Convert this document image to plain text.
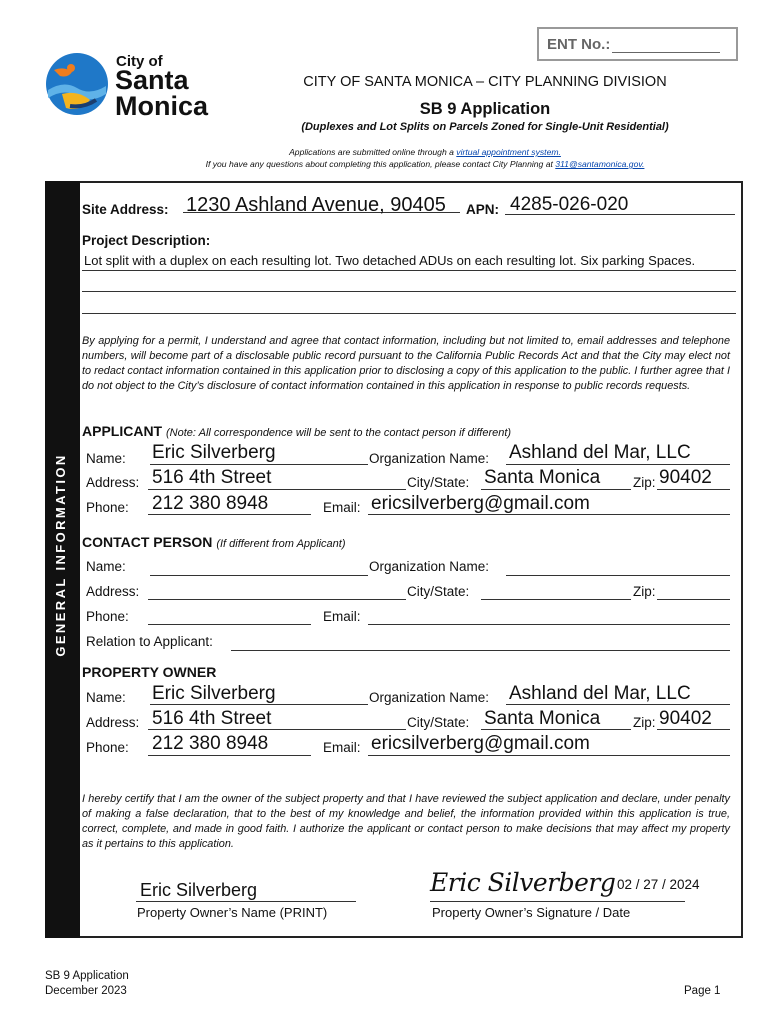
ENT No.:
City of
Santa
Monica
CITY OF SANTA MONICA – CITY PLANNING DIVISION
SB 9 Application
(Duplexes and Lot Splits on Parcels Zoned for Single-Unit Residential)
Applications are submitted online through a virtual appointment system.
If you have any questions about completing this application, please contact City Planning at 311@santamonica.gov.
GENERAL INFORMATION
Site Address: 1230 Ashland Avenue, 90405 APN: 4285-026-020
Project Description:
Lot split with a duplex on each resulting lot. Two detached ADUs on each resulting lot. Six parking Spaces.
By applying for a permit, I understand and agree that contact information, including but not limited to, email addresses and telephone numbers, will become part of a disclosable public record pursuant to the California Public Records Act and that the City may elect not to redact contact information contained in this application prior to disclosing a copy of this application to the public. I further agree that I do not object to the City’s disclosure of contact information contained in this application in response to public records requests.
APPLICANT (Note: All correspondence will be sent to the contact person if different)
Name: Eric Silverberg	Organization Name: Ashland del Mar, LLC
Address: 516 4th Street	City/State: Santa Monica Zip: 90402
Phone: 212 380 8948	Email: ericsilverberg@gmail.com
CONTACT PERSON (If different from Applicant)
Name:	Organization Name:
Address:	City/State:	Zip:
Phone:	Email:
Relation to Applicant:
PROPERTY OWNER
Name: Eric Silverberg	Organization Name: Ashland del Mar, LLC
Address: 516 4th Street	City/State: Santa Monica Zip: 90402
Phone: 212 380 8948	Email: ericsilverberg@gmail.com
I hereby certify that I am the owner of the subject property and that I have reviewed the subject application and declare, under penalty of making a false declaration, that to the best of my knowledge and belief, the information provided within this application is true, correct, complete, and made in good faith. I authorize the applicant or contact person to make decisions that may affect my property as it pertains to this application.
Eric Silverberg
Property Owner’s Name (PRINT)
Eric Silverberg 02 / 27 / 2024
Property Owner’s Signature / Date
SB 9 Application
December 2023	Page 1
